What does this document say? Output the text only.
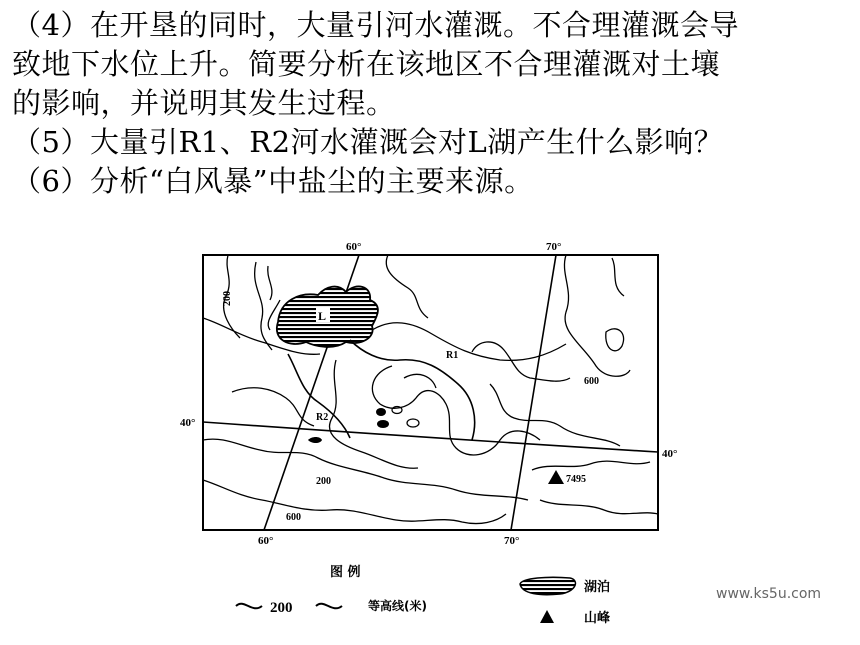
（4）在开垦的同时，大量引河水灌溉。不合理灌溉会导
致地下水位上升。简要分析在该地区不合理灌溉对土壤
的影响，并说明其发生过程。
（5）大量引R1、R2河水灌溉会对L湖产生什么影响？
（6）分析“白风暴”中盐尘的主要来源。
60°	70°
60°	70°
40°
40°
L
R1
R2
200
200
600
600
7495
图 例
200	等高线(米)
湖泊
山峰
www.ks5u.com
